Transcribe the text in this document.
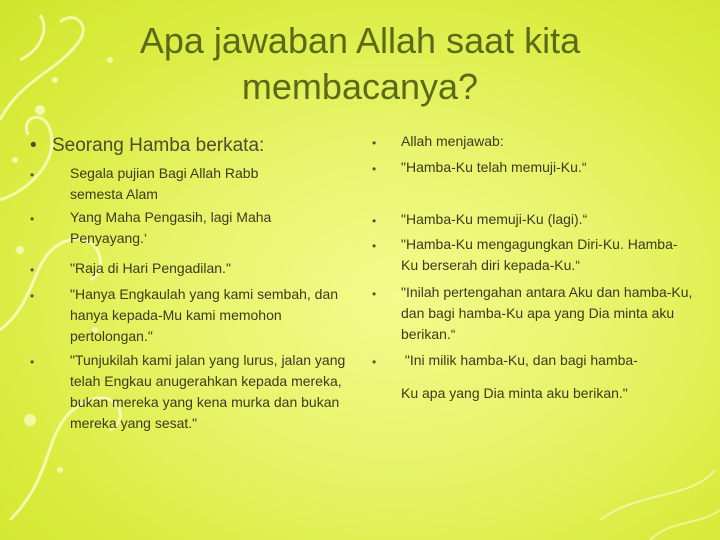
Apa jawaban Allah saat kita
membacanya?
• Seorang Hamba berkata:
•	Segala pujian Bagi Allah Rabb semesta Alam
•	Yang Maha Pengasih, lagi Maha Penyayang.‘
•	"Raja di Hari Pengadilan."
•	"Hanya Engkaulah yang kami sembah, dan hanya kepada-Mu kami memohon pertolongan."
•	"Tunjukilah kami jalan yang lurus, jalan yang telah Engkau anugerahkan kepada mereka, bukan mereka yang kena murka dan bukan mereka yang sesat."
• Allah menjawab:
• "Hamba-Ku telah memuji-Ku.“
• "Hamba-Ku memuji-Ku (lagi).“
• "Hamba-Ku mengagungkan Diri-Ku. Hamba-Ku berserah diri kepada-Ku.“
• "Inilah pertengahan antara Aku dan hamba-Ku, dan bagi hamba-Ku apa yang Dia minta aku berikan.“
• "Ini milik hamba-Ku, dan bagi hamba-
Ku apa yang Dia minta aku berikan."
